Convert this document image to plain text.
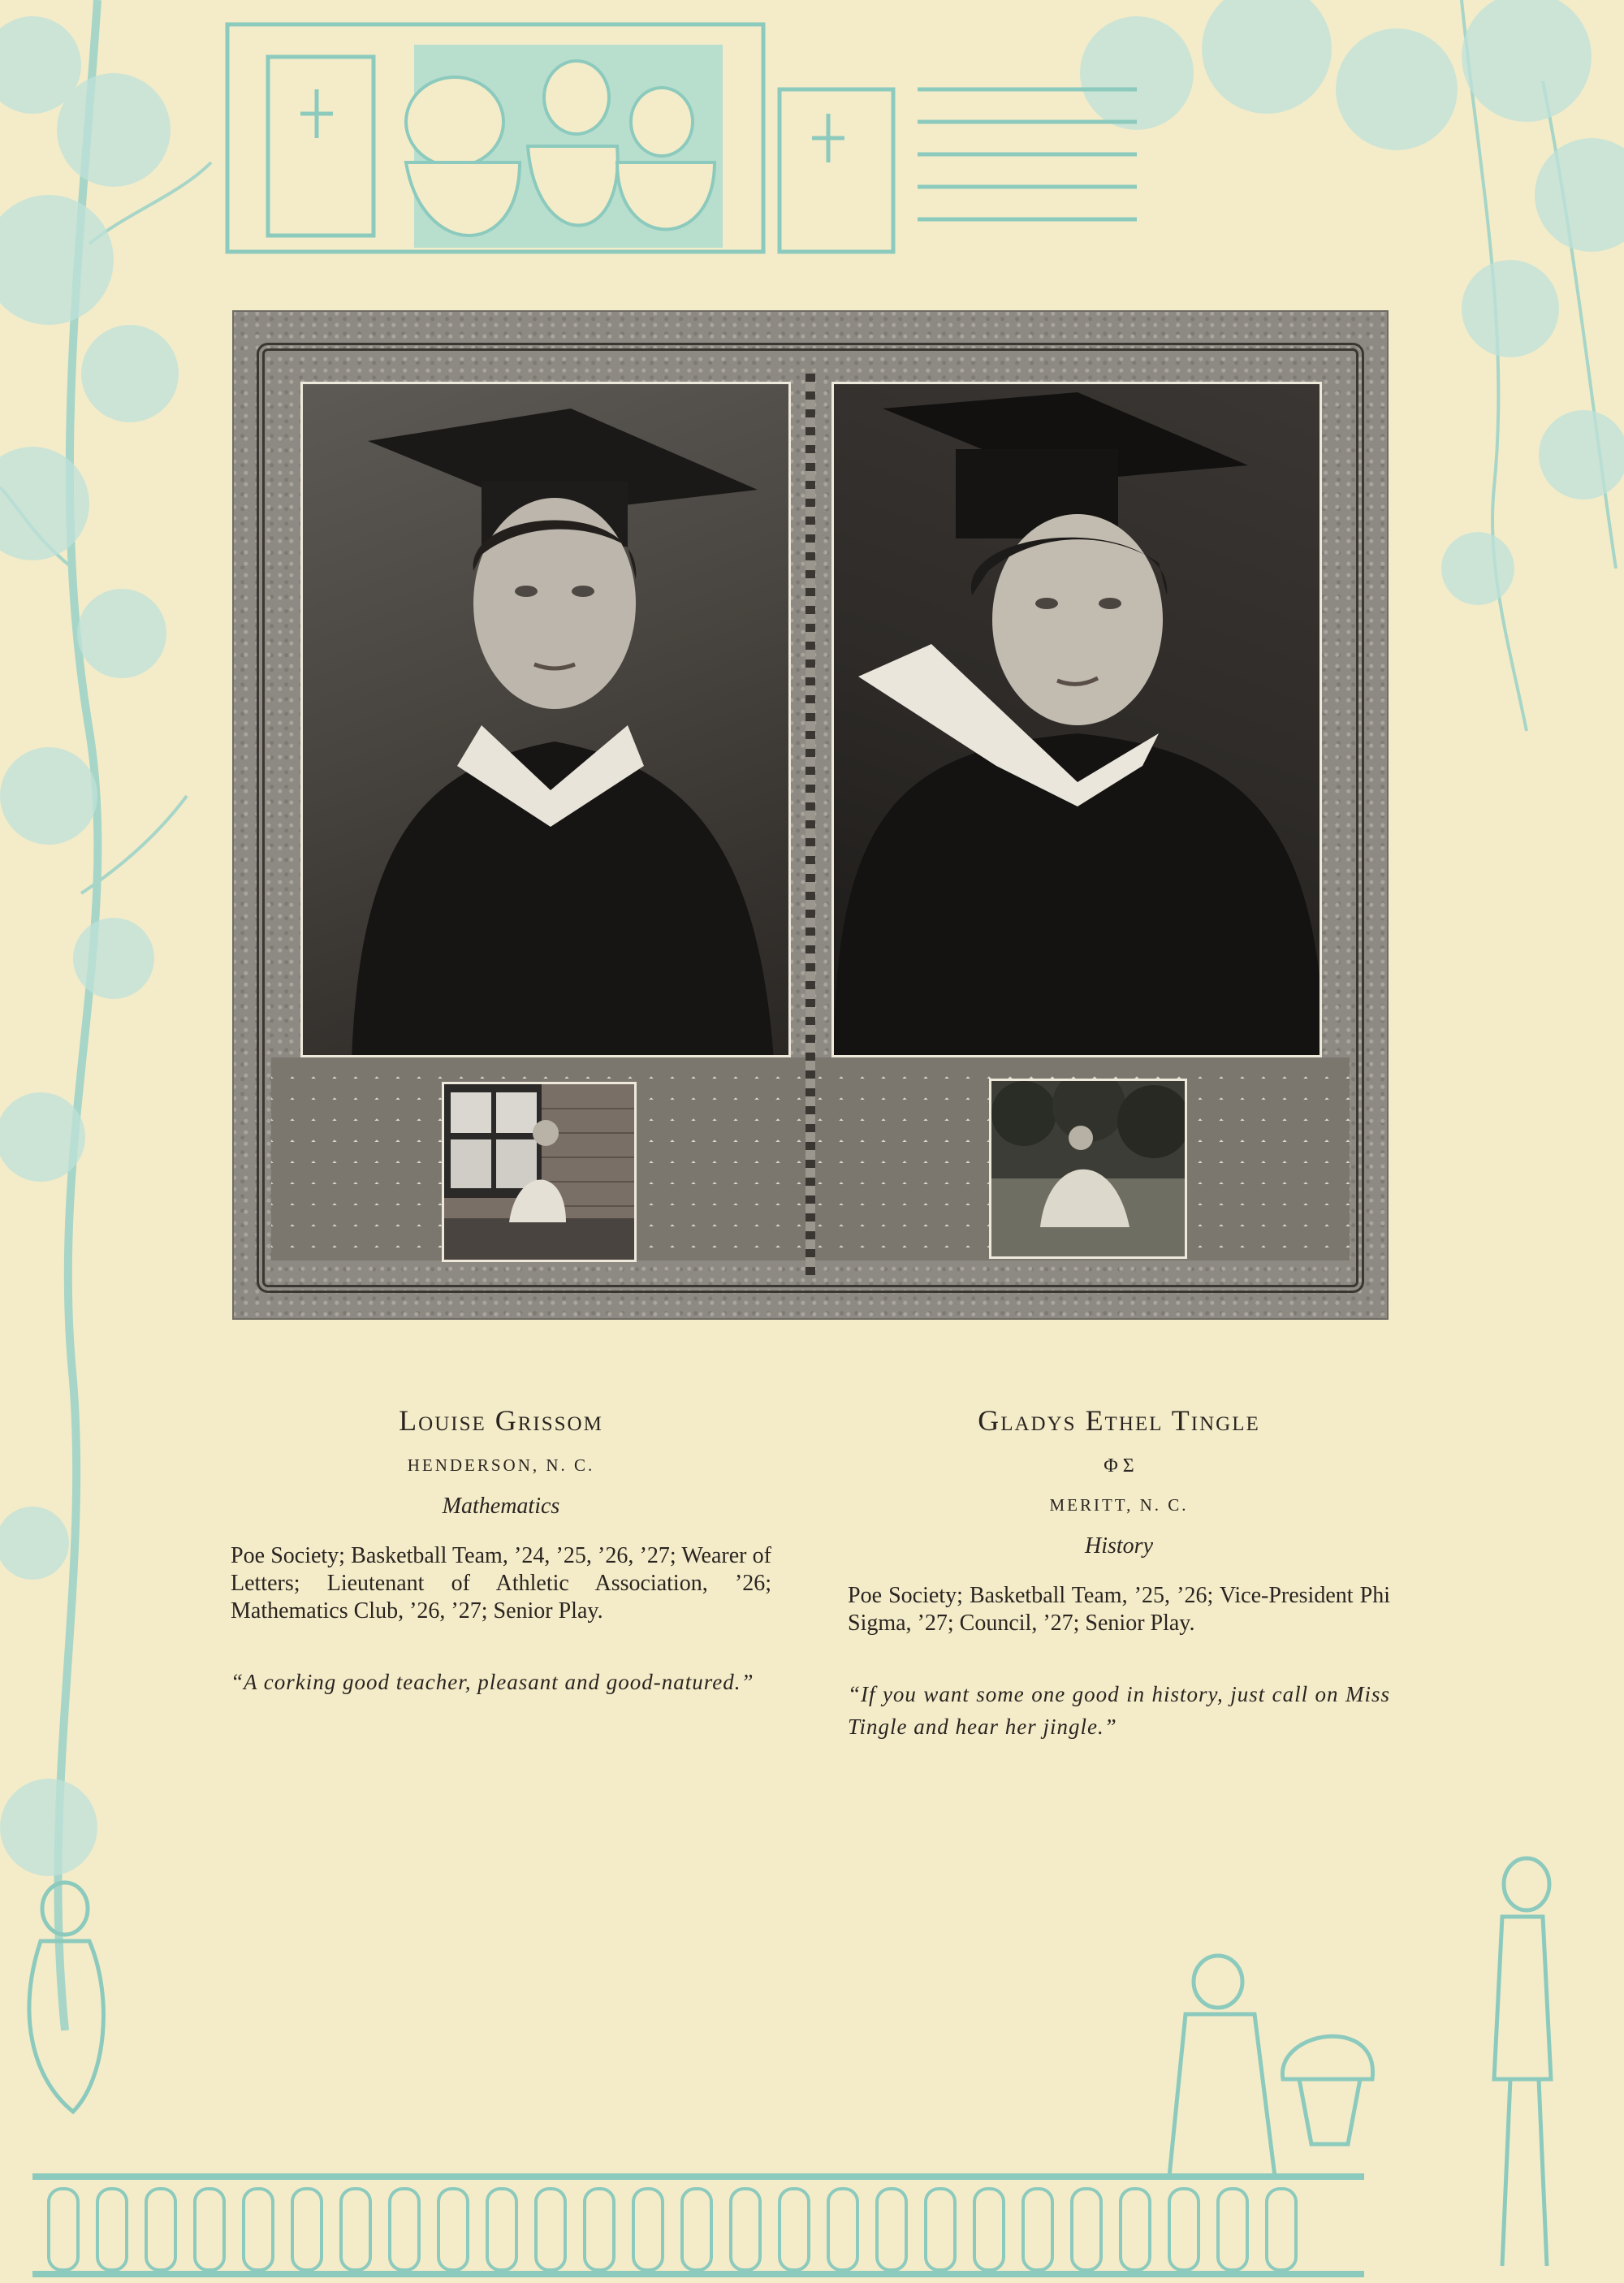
Louise Grissom
HENDERSON, N. C.
Mathematics

Poe Society; Basketball Team, ’24, ’25, ’26, ’27; Wearer of Letters; Lieutenant of Athletic Association, ’26; Mathematics Club, ’26, ’27; Senior Play.

“A corking good teacher, pleasant and good-natured.”

Gladys Ethel Tingle
Φ Σ
MERITT, N. C.
History

Poe Society; Basketball Team, ’25, ’26; Vice-President Phi Sigma, ’27; Council, ’27; Senior Play.

“If you want some one good in history, just call on Miss Tingle and hear her jingle.”
